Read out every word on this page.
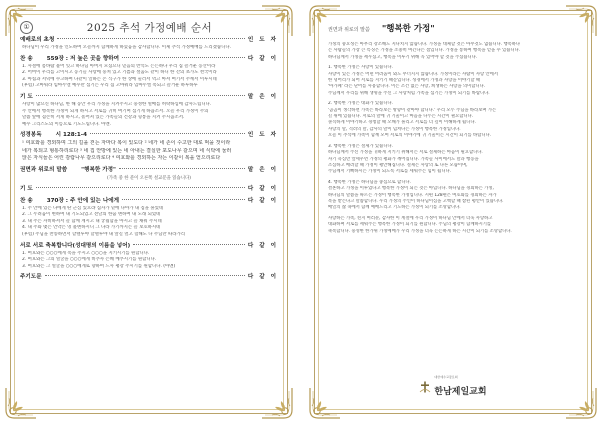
①	2025 추석 가정예배 순서
예배로의 초청	인 도 자
하나님이 우리 가정을 인도하여 오늘까지 함께하게 하셨음을 감사합니다. 이제 추석 가정예배를 드리겠습니다.
찬 송	559장 : 저 높은 곳을 향하여	다 같 이
1. 사철에 봄바람 불어 잇고 하나님 아버지 모셨으니 믿음의 반석도 든든하다 우리 집 즐거운 동산이라
2. 어버이 우리를 고이시고 동기들 사랑에 뭉쳐 있고 기쁨과 설움도 같이 하니 한 간의 초가도 천국이라
3. 아침과 저녁에 수고하여 다같이 일하는 온 식구가 한 상에 둘러서 먹고 마셔 여기서 주께서 이루시네
(후렴) 고마워라 임마누엘 예수만 섬기는 우리 집 고마워라 임마누엘 복되고 즐거운 하루하루
기 도	맡 은 이
사랑이 많으신 하나님, 한 해 동안 우리 가정을 지켜주시고 풍성한 열매를 허락하심에 감사드립니다.
주 안에서 행복한 가정이 되게 하시고 서로를 귀히 여기며 섬기게 하옵소서. 오늘 우리 가정이 주의
말씀 앞에 겸손히 서게 하시고, 흩어져 있는 가족들의 건강과 형통을 지켜 주시옵소서.
예수 그리스도의 이름으로 기도드립니다. 아멘.
성경봉독	시 128:1-4	인 도 자
¹ 여호와를 경외하며 그의 길을 걷는 자마다 복이 있도다 ² 네가 네 손이 수고한 대로 먹을 것이라
네가 복되고 형통하리로다 ³ 네 집 안방에 있는 네 아내는 결실한 포도나무 같으며 네 식탁에 둘러
앉은 자식들은 어린 감람나무 같으리로다 ⁴ 여호와를 경외하는 자는 이같이 복을 얻으리로다
권면과 위로의 말씀	"행복한 가정"	맡 은 이
(가족 중 한 분이 오른쪽 설교문을 읽습니다)
기 도	다 같 이
찬 송	370장 : 주 안에 있는 나에게	다 같 이
1. 주 안에 있는 나에게 딴 근심 있으랴 십자가 밑에 나아가 내 짐을 풀었네
2. 그 두려움이 변하여 내 기도되었고 전날의 한숨 변하여 내 노래 되었네
3. 내 주는 자비하셔서 늘 함께 계시고 내 궁핍함을 아시고 늘 채워 주시네
4. 내 주와 맺은 언약은 영 불변하시니 그 나라 가기까지는 늘 보호하시네
(후렴) 주님을 찬송하면서 할렐루야 할렐루야 내 앞길 멀고 험해도 나 주님만 따라가리
서로 서로 축복합니다(성대명의 이름을 넣어)	다 같 이
1. 여호와는 ○○○에게 복을 주시고 ○○○을 지키시기를 원합니다.
2. 여호와는 그의 얼굴을 ○○○에게 비추사 은혜 베푸시기를 원합니다.
3. 여호와는 그 얼굴을 ○○○에게로 향하여 드사 평강 주시기를 원합니다. (아멘)
주기도문	다 같 이
권면과 위로의 말씀 "행복한 가정"
가정의 중요성은 아무리 강조해도 지나치지 않습니다. 가정을 대체할 것은 아무것도 없습니다. 행복하다
는 사람들의 가장 큰 특징은 가정을 소중히 여긴다는 점입니다. 가정을 통하여 행복을 얻을 수 있습니다.
하나님께서 가정을 세우셨고, 행복을 이루기 위해 꼭 있어야 할 것을 주셨습니다.
1. 행복한 가정은 사랑이 있습니다.
사랑이 있는 가정은 어떤 어려움이 와도 무너지지 않습니다. 가정이라는 사람이 사랑 안에서
한 덩어리가 되어 서로를 지키기 때문입니다. 성경에서 가정과 사랑을 이야기할 때
'아가페' 라는 단어를 사용합니다. 이는 조건 없는 사랑, 희생하는 사랑을 의미합니다.
주님께서 우리를 위해 생명을 주신 그 사랑처럼 가족을 섬기는 가정이 되기를 바랍니다.
2. 행복한 가정은 대화가 있습니다.
'곰곰이 생각하면 가족은 바라보는 방향이 같아야 합니다.' 우리 모두 주님을 바라보며 가는
길 위에 있습니다. 서로의 말에 귀 기울이고 마음을 나누는 시간이 필요합니다.
솔직하게 이야기하고 경청할 때 오해가 풀리고 서로를 더 깊이 이해하게 됩니다.
사랑의 말, 격려의 말, 감사의 말이 넘쳐나는 가정이 행복한 가정입니다.
오늘 이 추석에 가족이 함께 모여 서로의 이야기에 귀 기울이는 시간이 되기를 바랍니다.
3. 행복한 가정은 절제가 있습니다.
하나님께서 주신 가정을 귀하게 지키기 위해서는 서로 절제하는 마음이 필요합니다.
자기 욕심만 앞세우면 가정의 평화가 깨어집니다. 가족들 사이에서도 말과 행동을
조심하고 배려할 때 가정이 평안해집니다. 절제는 사랑의 또 다른 모습이며,
주님께서 기뻐하시는 가정이 되도록 서로를 세워주는 힘이 됩니다.
4. 행복한 가정은 하나님을 중심으로 합니다.
결혼하고 가정을 이루었다고 행복한 가정이 되는 것은 아닙니다. 하나님을 경외하는 가정,
하나님의 말씀을 따르는 가정이 행복한 가정입니다. 시편 128편은 여호와를 경외하는 자가
복을 받는다고 말씀합니다. 우리 가정의 주인이 하나님이심을 고백할 때 참된 평안이 있습니다.
매일의 삶 속에서 함께 예배드리고 기도하는 가정이 되기를 소망합니다.
사랑하는 가족, 친지 여러분, 감사한 이 계절에 우리 가정이 하나님 안에서 더욱 사랑하고
대화하며 서로를 세워주는 행복한 가정이 되기를 원합니다. 주님의 평강이 함께하시기를
축복합니다. 풍성한 한가위 가정예배가 우리 가정을 더욱 든든하게 하는 시간이 되기를 소망합니다.
대한예수교장로회
한남제일교회
